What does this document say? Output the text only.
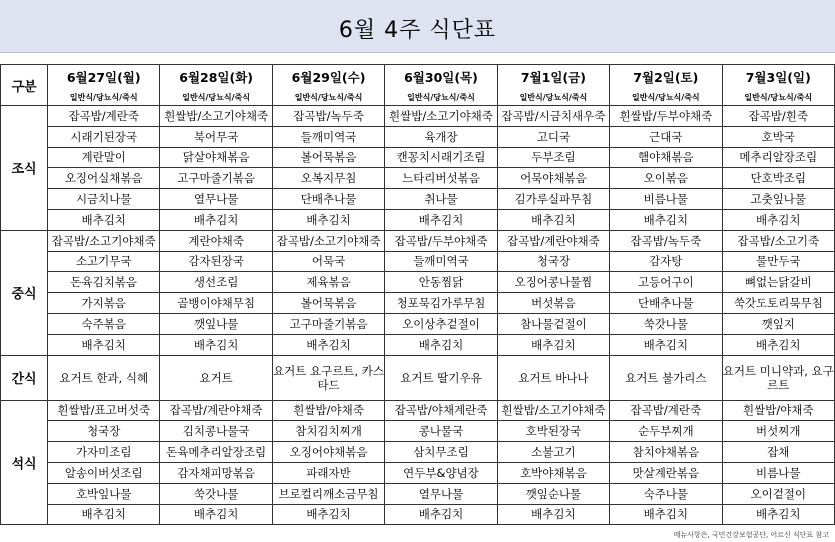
6월 4주 식단표
구분	6월27일(월)	6월28일(화)	6월29일(수)	6월30일(목)	7월1일(금)	7월2일(토)	7월3일(일)
	일반식/당뇨식/죽식	일반식/당뇨식/죽식	일반식/당뇨식/죽식	일반식/당뇨식/죽식	일반식/당뇨식/죽식	일반식/당뇨식/죽식	일반식/당뇨식/죽식
조식	잡곡밥/계란죽	흰쌀밥/소고기야채죽	잡곡밥/녹두죽	흰쌀밥/소고기야채죽	잡곡밥/시금치새우죽	흰쌀밥/두부야채죽	잡곡밥/흰죽
	시래기된장국	북어무국	들깨미역국	육개장	고디국	근대국	호박국
	계란말이	닭살야채볶음	볼어묵볶음	캔꽁치시래기조림	두부조림	햄야채볶음	메추리알장조림
	오징어실채볶음	고구마줄기볶음	오복지무침	느타리버섯볶음	어묵야채볶음	오이볶음	단호박조림
	시금치나물	열무나물	단배추나물	취나물	김가루실파무침	비름나물	고춧잎나물
	배추김치	배추김치	배추김치	배추김치	배추김치	배추김치	배추김치
중식	잡곡밥/소고기야채죽	계란야채죽	잡곡밥/소고기야채죽	잡곡밥/두부야채죽	잡곡밥/계란야채죽	잡곡밥/녹두죽	잡곡밥/소고기죽
	소고기무국	감자된장국	어묵국	들깨미역국	청국장	감자탕	물만두국
	돈육김치볶음	생선조림	제육볶음	안동찜닭	오징어콩나물찜	고등어구이	뼈없는닭갈비
	가지볶음	골뱅이야채무침	볼어묵볶음	청포묵김가루무침	버섯볶음	단배추나물	쑥갓도토리묵무침
	숙주볶음	깻잎나물	고구마줄기볶음	오이상추겉절이	참나물겉절이	쑥갓나물	깻잎지
	배추김치	배추김치	배추김치	배추김치	배추김치	배추김치	배추김치
간식	요거트 한과, 식혜	요거트	요거트 요구르트, 카스타드	요거트 딸기우유	요거트 바나나	요거트 불가리스	요거트 미니약과, 요구르트
석식	흰쌀밥/표고버섯죽	잡곡밥/계란야채죽	흰쌀밥/야채죽	잡곡밥/야채계란죽	흰쌀밥/소고기야채죽	잡곡밥/계란죽	흰쌀밥/야채죽
	청국장	김치콩나물국	참치김치찌개	콩나물국	호박된장국	순두부찌개	버섯찌개
	가자미조림	돈육메추리알장조림	오징어야채볶음	삼치무조림	소불고기	참치야채볶음	잡채
	알송이버섯조림	감자채피망볶음	파래자반	연두부&양념장	호박야채볶음	맛살계란볶음	비름나물
	호박잎나물	쑥갓나물	브로컬리깨소금무침	열무나물	깻잎순나물	숙주나물	오이겉절이
	배추김치	배추김치	배추김치	배추김치	배추김치	배추김치	배추김치
메뉴사항은, 국민건강보험공단, 어르신 식단표 참고
